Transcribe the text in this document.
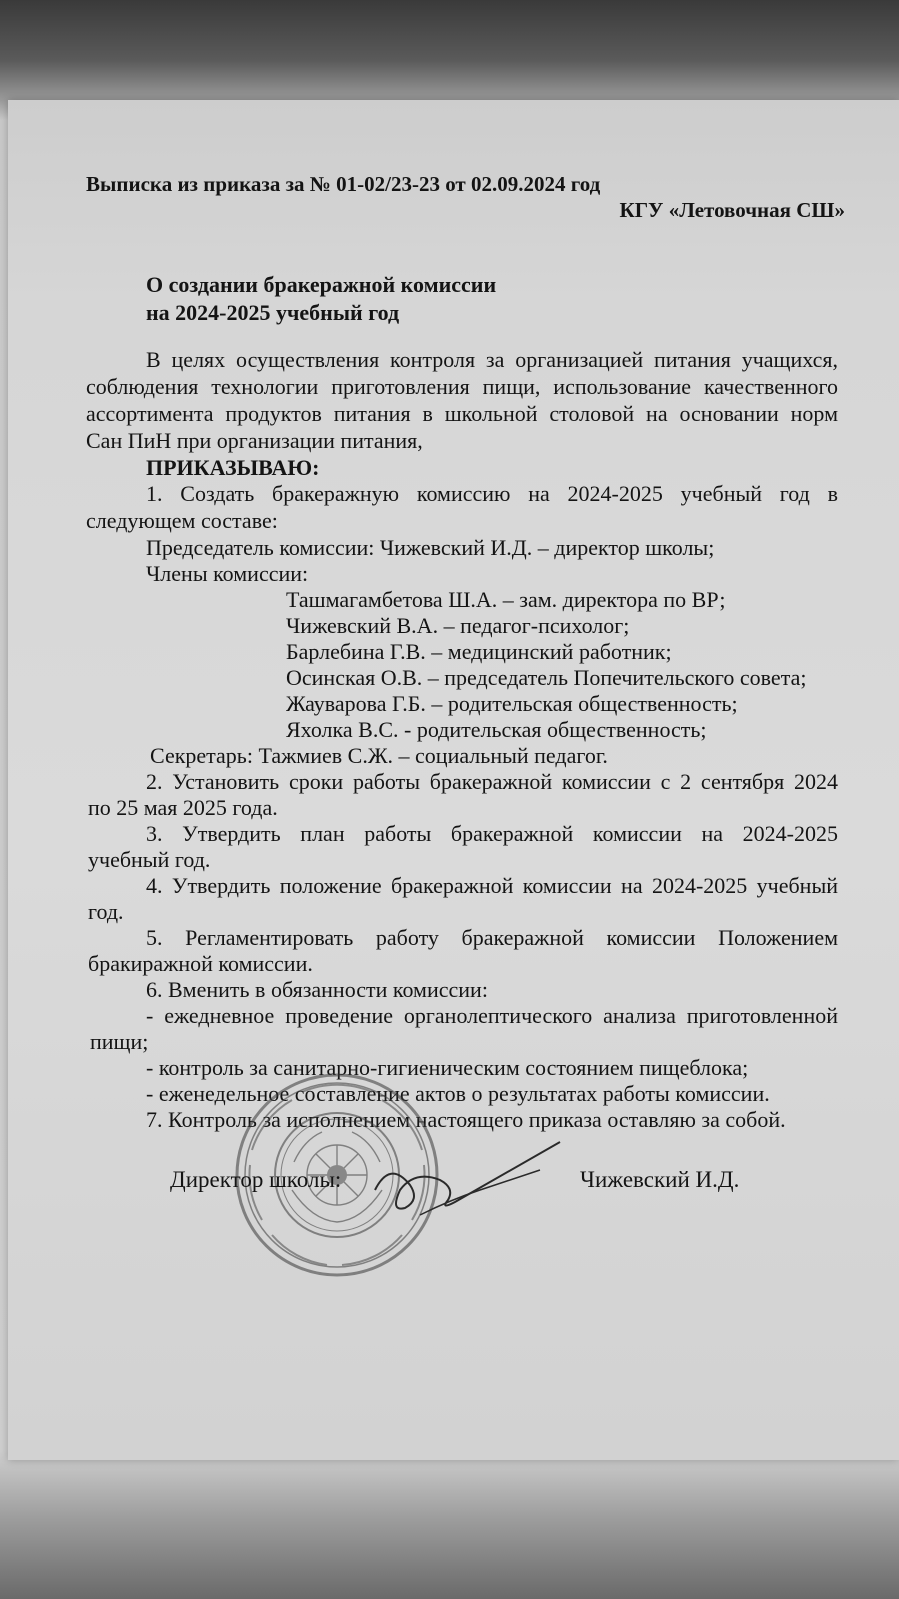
Выписка из приказа за № 01-02/23-23 от 02.09.2024 год
КГУ «Летовочная СШ»
О создании бракеражной комиссии
на 2024-2025 учебный год
В целях осуществления контроля за организацией питания учащихся,
соблюдения технологии приготовления пищи, использование качественного
ассортимента продуктов питания в школьной столовой на основании норм
Сан ПиН при организации питания,
ПРИКАЗЫВАЮ:
1. Создать бракеражную комиссию на 2024-2025 учебный год в
следующем составе:
Председатель комиссии: Чижевский И.Д. – директор школы;
Члены комиссии:
Ташмагамбетова Ш.А. – зам. директора по ВР;
Чижевский В.А. – педагог-психолог;
Барлебина Г.В. – медицинский работник;
Осинская О.В. – председатель Попечительского совета;
Жауварова Г.Б. – родительская общественность;
Яхолка В.С. - родительская общественность;
Секретарь: Тажмиев С.Ж. – социальный педагог.
2. Установить сроки работы бракеражной комиссии с 2 сентября 2024
по 25 мая 2025 года.
3. Утвердить план работы бракеражной комиссии на 2024-2025
учебный год.
4. Утвердить положение бракеражной комиссии на 2024-2025 учебный
год.
5. Регламентировать работу бракеражной комиссии Положением
бракиражной комиссии.
6. Вменить в обязанности комиссии:
- ежедневное проведение органолептического анализа приготовленной
пищи;
- контроль за санитарно-гигиеническим состоянием пищеблока;
- еженедельное составление актов о результатах работы комиссии.
7. Контроль за исполнением настоящего приказа оставляю за собой.
Директор школы:	Чижевский И.Д.
